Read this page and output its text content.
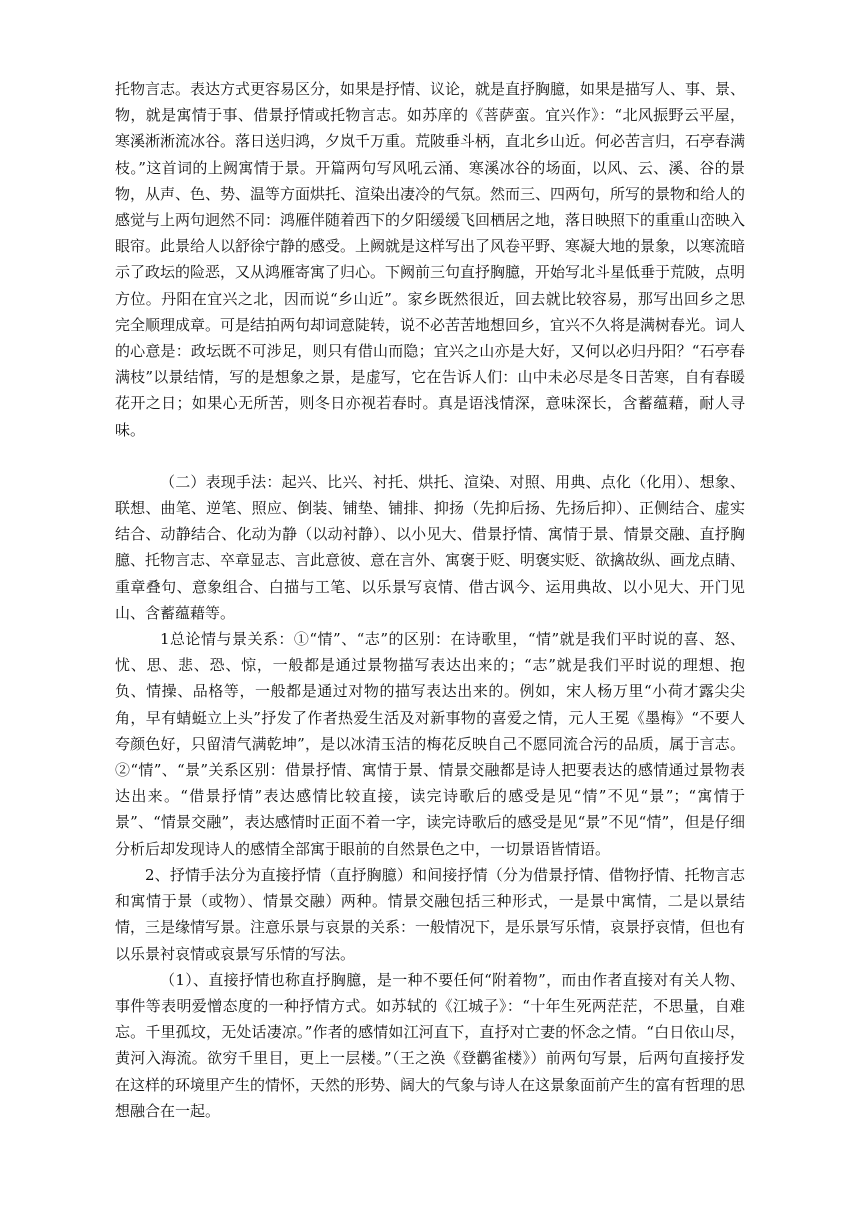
托物言志。表达方式更容易区分，如果是抒情、议论，就是直抒胸臆，如果是描写人、事、景、物，就是寓情于事、借景抒情或托物言志。如苏庠的《菩萨蛮。宜兴作》：“北风振野云平屋，寒溪淅淅流冰谷。落日送归鸿，夕岚千万重。荒陂垂斗柄，直北乡山近。何必苦言归，石亭春满枝。”这首词的上阙寓情于景。开篇两句写风吼云涌、寒溪冰谷的场面，以风、云、溪、谷的景物，从声、色、势、温等方面烘托、渲染出凄冷的气氛。然而三、四两句，所写的景物和给人的感觉与上两句迥然不同：鸿雁伴随着西下的夕阳缓缓飞回栖居之地，落日映照下的重重山峦映入眼帘。此景给人以舒徐宁静的感受。上阙就是这样写出了风卷平野、寒凝大地的景象，以寒流暗示了政坛的险恶，又从鸿雁寄寓了归心。下阙前三句直抒胸臆，开始写北斗星低垂于荒陂，点明方位。丹阳在宜兴之北，因而说“乡山近”。家乡既然很近，回去就比较容易，那写出回乡之思完全顺理成章。可是结拍两句却词意陡转，说不必苦苦地想回乡，宜兴不久将是满树春光。词人的心意是：政坛既不可涉足，则只有借山而隐；宜兴之山亦是大好，又何以必归丹阳？“石亭春满枝”以景结情，写的是想象之景，是虚写，它在告诉人们：山中未必尽是冬日苦寒，自有春暖花开之日；如果心无所苦，则冬日亦视若春时。真是语浅情深，意味深长，含蓄蕴藉，耐人寻味。

（二）表现手法：起兴、比兴、衬托、烘托、渲染、对照、用典、点化（化用）、想象、联想、曲笔、逆笔、照应、倒装、铺垫、铺排、抑扬（先抑后扬、先扬后抑）、正侧结合、虚实结合、动静结合、化动为静（以动衬静）、以小见大、借景抒情、寓情于景、情景交融、直抒胸臆、托物言志、卒章显志、言此意彼、意在言外、寓褒于贬、明褒实贬、欲擒故纵、画龙点睛、重章叠句、意象组合、白描与工笔、以乐景写哀情、借古讽今、运用典故、以小见大、开门见山、含蓄蕴藉等。

1总论情与景关系：①“情”、“志”的区别：在诗歌里，“情”就是我们平时说的喜、怒、忧、思、悲、恐、惊，一般都是通过景物描写表达出来的；“志”就是我们平时说的理想、抱负、情操、品格等，一般都是通过对物的描写表达出来的。例如，宋人杨万里“小荷才露尖尖角，早有蜻蜓立上头”抒发了作者热爱生活及对新事物的喜爱之情，元人王冕《墨梅》“不要人夸颜色好，只留清气满乾坤”，是以冰清玉洁的梅花反映自己不愿同流合污的品质，属于言志。②“情”、“景”关系区别：借景抒情、寓情于景、情景交融都是诗人把要表达的感情通过景物表达出来。“借景抒情”表达感情比较直接，读完诗歌后的感受是见“情”不见“景”；“寓情于景”、“情景交融”，表达感情时正面不着一字，读完诗歌后的感受是见“景”不见“情”，但是仔细分析后却发现诗人的感情全部寓于眼前的自然景色之中，一切景语皆情语。

2、抒情手法分为直接抒情（直抒胸臆）和间接抒情（分为借景抒情、借物抒情、托物言志和寓情于景（或物）、情景交融）两种。情景交融包括三种形式，一是景中寓情，二是以景结情，三是缘情写景。注意乐景与哀景的关系：一般情况下，是乐景写乐情，哀景抒哀情，但也有以乐景衬哀情或哀景写乐情的写法。

（1）、直接抒情也称直抒胸臆，是一种不要任何“附着物”，而由作者直接对有关人物、事件等表明爱憎态度的一种抒情方式。如苏轼的《江城子》：“十年生死两茫茫，不思量，自难忘。千里孤坟，无处话凄凉。”作者的感情如江河直下，直抒对亡妻的怀念之情。“白日依山尽，黄河入海流。欲穷千里目，更上一层楼。”（王之涣《登鹳雀楼》）前两句写景，后两句直接抒发在这样的环境里产生的情怀，天然的形势、阔大的气象与诗人在这景象面前产生的富有哲理的思想融合在一起。
